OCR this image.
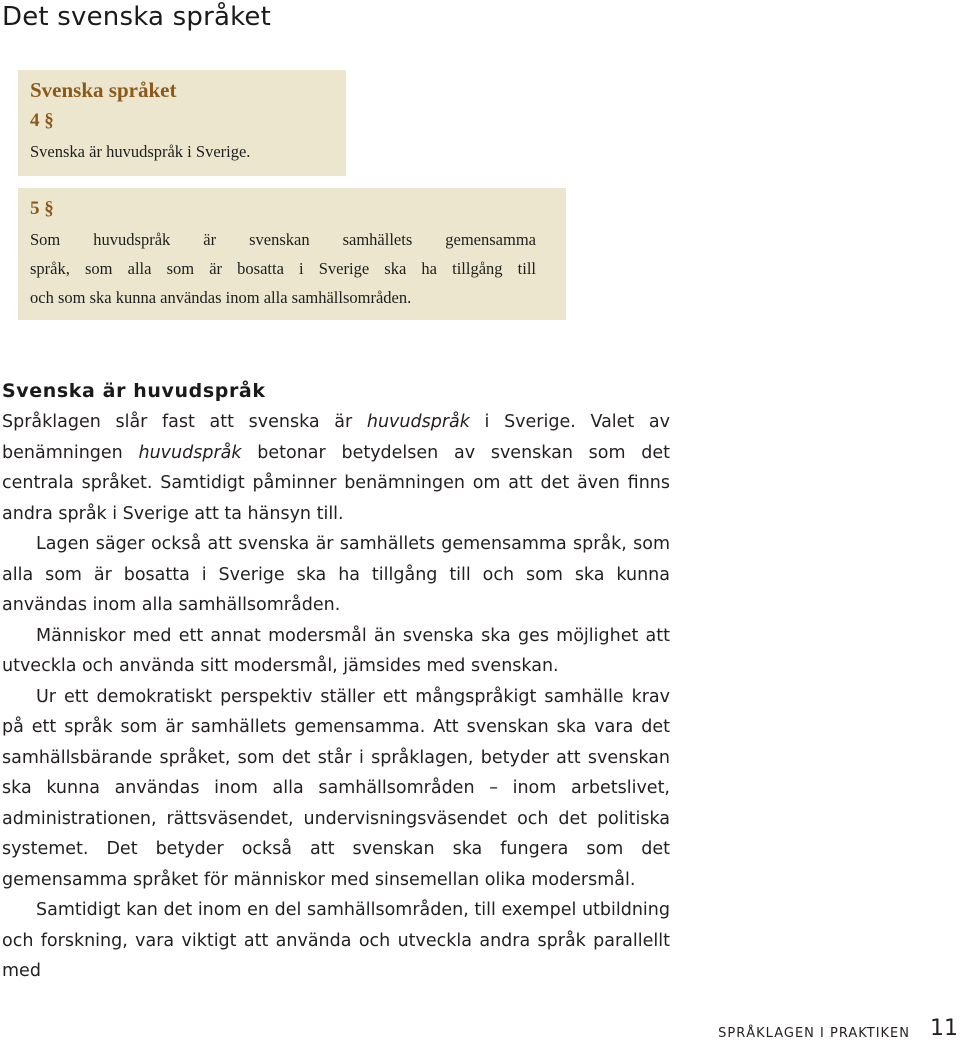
Det svenska språket
Svenska språket
4 §
Svenska är huvudspråk i Sverige.
5 §
Som huvudspråk är svenskan samhällets gemensamma
språk, som alla som är bosatta i Sverige ska ha tillgång till
och som ska kunna användas inom alla samhällsområden.
Svenska är huvudspråk

Språklagen slår fast att svenska är huvudspråk i Sverige. Valet av benämningen huvudspråk betonar betydelsen av svenskan som det centrala språket. Samtidigt påminner benämningen om att det även finns andra språk i Sverige att ta hänsyn till.

Lagen säger också att svenska är samhällets gemensamma språk, som alla som är bosatta i Sverige ska ha tillgång till och som ska kunna användas inom alla samhällsområden.

Människor med ett annat modersmål än svenska ska ges möjlighet att utveckla och använda sitt modersmål, jämsides med svenskan.

Ur ett demokratiskt perspektiv ställer ett mångspråkigt samhälle krav på ett språk som är samhällets gemensamma. Att svenskan ska vara det samhällsbärande språket, som det står i språklagen, betyder att svenskan ska kunna användas inom alla samhällsområden – inom arbetslivet, administrationen, rättsväsendet, undervisningsväsendet och det politiska systemet. Det betyder också att svenskan ska fungera som det gemensamma språket för människor med sinsemellan olika modersmål.

Samtidigt kan det inom en del samhällsområden, till exempel utbildning och forskning, vara viktigt att använda och utveckla andra språk parallellt med

SPRÅKLAGEN I PRAKTIKEN 11
